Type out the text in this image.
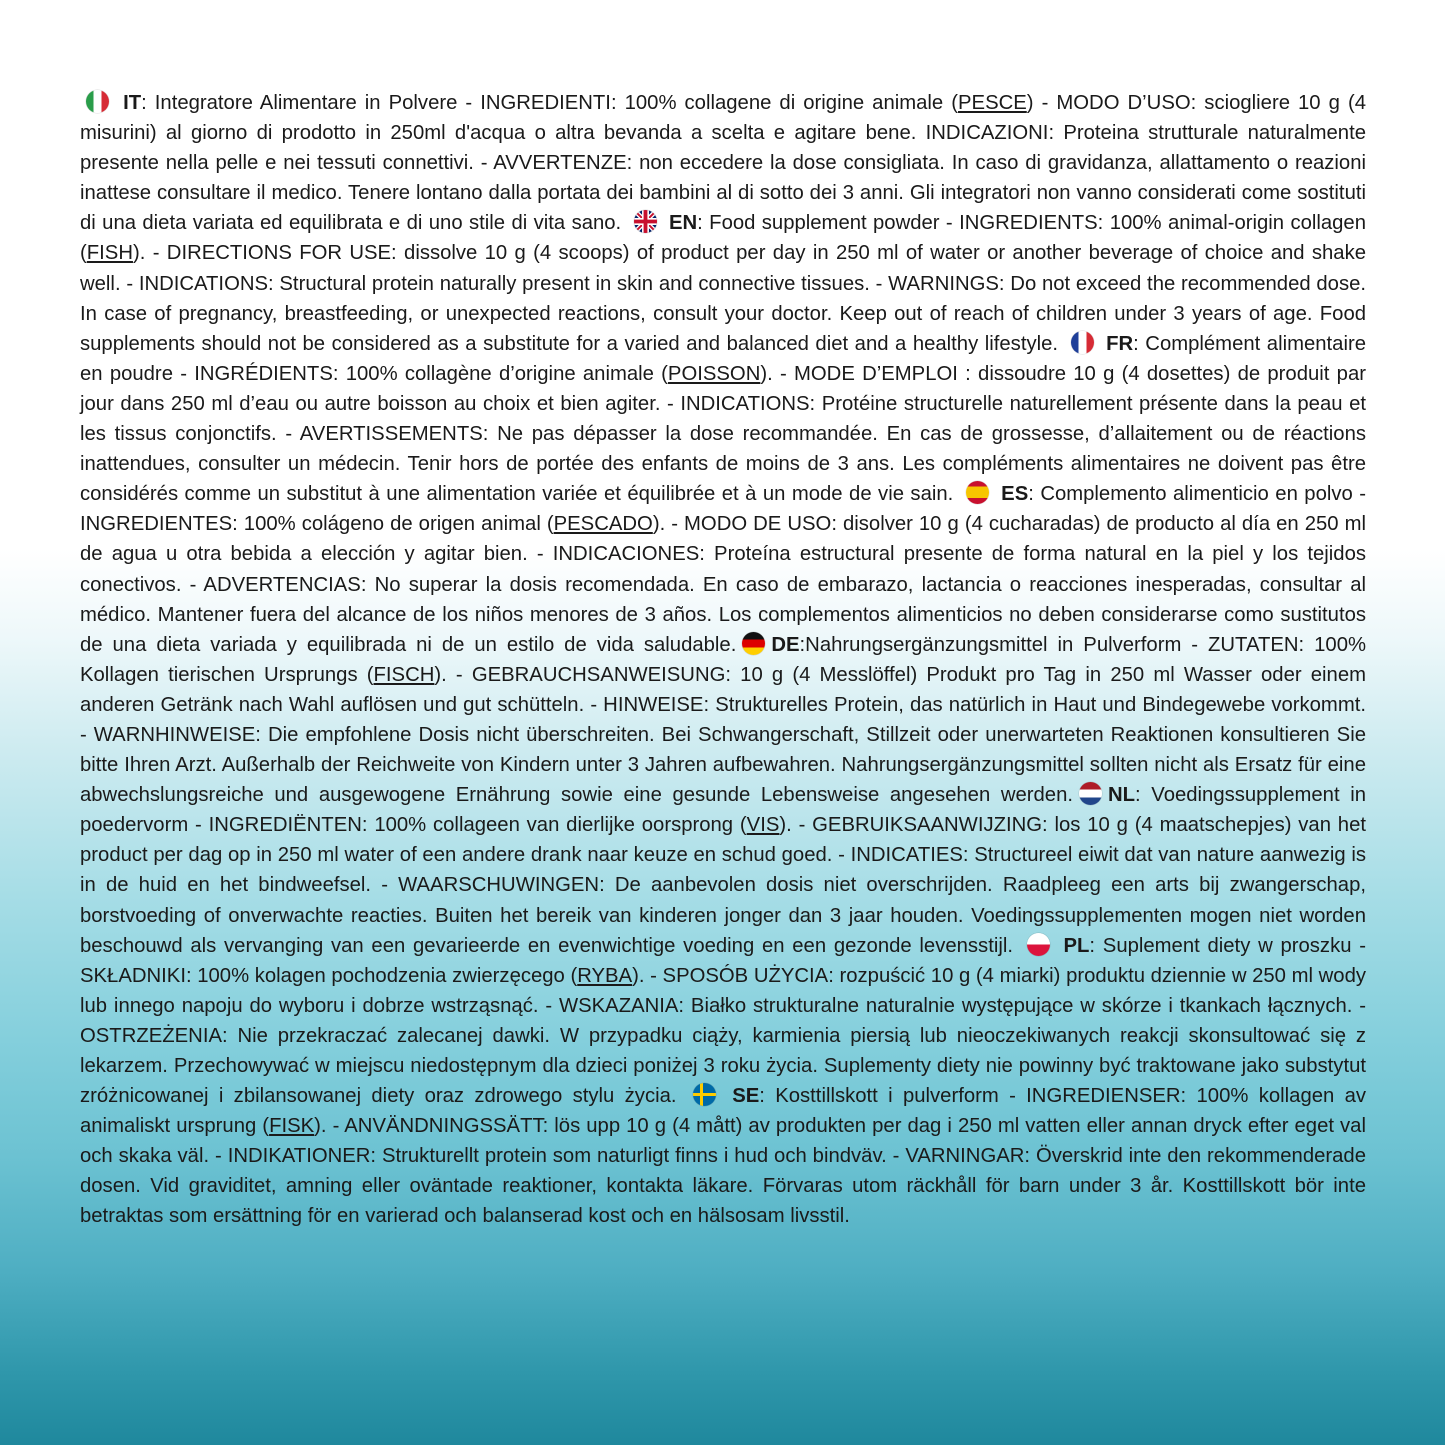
IT: Integratore Alimentare in Polvere - INGREDIENTI: 100% collagene di origine animale (PESCE) - MODO D’USO: sciogliere 10 g (4 misurini) al giorno di prodotto in 250ml d'acqua o altra bevanda a scelta e agitare bene. INDICAZIONI: Proteina strutturale naturalmente presente nella pelle e nei tessuti connettivi. - AVVERTENZE: non eccedere la dose consigliata. In caso di gravidanza, allattamento o reazioni inattese consultare il medico. Tenere lontano dalla portata dei bambini al di sotto dei 3 anni. Gli integratori non vanno considerati come sostituti di una dieta variata ed equilibrata e di uno stile di vita sano. EN: Food supplement powder - INGREDIENTS: 100% animal-origin collagen (FISH). - DIRECTIONS FOR USE: dissolve 10 g (4 scoops) of product per day in 250 ml of water or another beverage of choice and shake well. - INDICATIONS: Structural protein naturally present in skin and connective tissues. - WARNINGS: Do not exceed the recommended dose. In case of pregnancy, breastfeeding, or unexpected reactions, consult your doctor. Keep out of reach of children under 3 years of age. Food supplements should not be considered as a substitute for a varied and balanced diet and a healthy lifestyle. FR: Complément alimentaire en poudre - INGRÉDIENTS: 100% collagène d’origine animale (POISSON). - MODE D’EMPLOI : dissoudre 10 g (4 dosettes) de produit par jour dans 250 ml d’eau ou autre boisson au choix et bien agiter. - INDICATIONS: Protéine structurelle naturellement présente dans la peau et les tissus conjonctifs. - AVERTISSEMENTS: Ne pas dépasser la dose recommandée. En cas de grossesse, d’allaitement ou de réactions inattendues, consulter un médecin. Tenir hors de portée des enfants de moins de 3 ans. Les compléments alimentaires ne doivent pas être considérés comme un substitut à une alimentation variée et équilibrée et à un mode de vie sain. ES: Complemento alimenticio en polvo - INGREDIENTES: 100% colágeno de origen animal (PESCADO). - MODO DE USO: disolver 10 g (4 cucharadas) de producto al día en 250 ml de agua u otra bebida a elección y agitar bien. - INDICACIONES: Proteína estructural presente de forma natural en la piel y los tejidos conectivos. - ADVERTENCIAS: No superar la dosis recomendada. En caso de embarazo, lactancia o reacciones inesperadas, consultar al médico. Mantener fuera del alcance de los niños menores de 3 años. Los complementos alimenticios no deben considerarse como sustitutos de una dieta variada y equilibrada ni de un estilo de vida saludable. DE:Nahrungsergänzungsmittel in Pulverform - ZUTATEN: 100% Kollagen tierischen Ursprungs (FISCH). - GEBRAUCHSANWEISUNG: 10 g (4 Messlöffel) Produkt pro Tag in 250 ml Wasser oder einem anderen Getränk nach Wahl auflösen und gut schütteln. - HINWEISE: Strukturelles Protein, das natürlich in Haut und Bindegewebe vorkommt. - WARNHINWEISE: Die empfohlene Dosis nicht überschreiten. Bei Schwangerschaft, Stillzeit oder unerwarteten Reaktionen konsultieren Sie bitte Ihren Arzt. Außerhalb der Reichweite von Kindern unter 3 Jahren aufbewahren. Nahrungsergänzungsmittel sollten nicht als Ersatz für eine abwechslungsreiche und ausgewogene Ernährung sowie eine gesunde Lebensweise angesehen werden. NL: Voedingssupplement in poedervorm - INGREDIËNTEN: 100% collageen van dierlijke oorsprong (VIS). - GEBRUIKSAANWIJZING: los 10 g (4 maatschepjes) van het product per dag op in 250 ml water of een andere drank naar keuze en schud goed. - INDICATIES: Structureel eiwit dat van nature aanwezig is in de huid en het bindweefsel. - WAARSCHUWINGEN: De aanbevolen dosis niet overschrijden. Raadpleeg een arts bij zwangerschap, borstvoeding of onverwachte reacties. Buiten het bereik van kinderen jonger dan 3 jaar houden. Voedingssupplementen mogen niet worden beschouwd als vervanging van een gevarieerde en evenwichtige voeding en een gezonde levensstijl. PL: Suplement diety w proszku - SKŁADNIKI: 100% kolagen pochodzenia zwierzęcego (RYBA). - SPOSÓB UŻYCIA: rozpuścić 10 g (4 miarki) produktu dziennie w 250 ml wody lub innego napoju do wyboru i dobrze wstrząsnąć. - WSKAZANIA: Białko strukturalne naturalnie występujące w skórze i tkankach łącznych. - OSTRZEŻENIA: Nie przekraczać zalecanej dawki. W przypadku ciąży, karmienia piersią lub nieoczekiwanych reakcji skonsultować się z lekarzem. Przechowywać w miejscu niedostępnym dla dzieci poniżej 3 roku życia. Suplementy diety nie powinny być traktowane jako substytut zróżnicowanej i zbilansowanej diety oraz zdrowego stylu życia.	SE: Kosttillskott i pulverform - INGREDIENSER: 100% kollagen av animaliskt ursprung (FISK). - ANVÄNDNINGSSÄTT: lös upp 10 g (4 mått) av produkten per dag i 250 ml vatten eller annan dryck efter eget val och skaka väl. - INDIKATIONER: Strukturellt protein som naturligt finns i hud och bindväv. - VARNINGAR: Överskrid inte den rekommenderade dosen. Vid graviditet, amning eller oväntade reaktioner, kontakta läkare. Förvaras utom räckhåll för barn under 3 år. Kosttillskott bör inte betraktas som ersättning för en varierad och balanserad kost och en hälsosam livsstil.
